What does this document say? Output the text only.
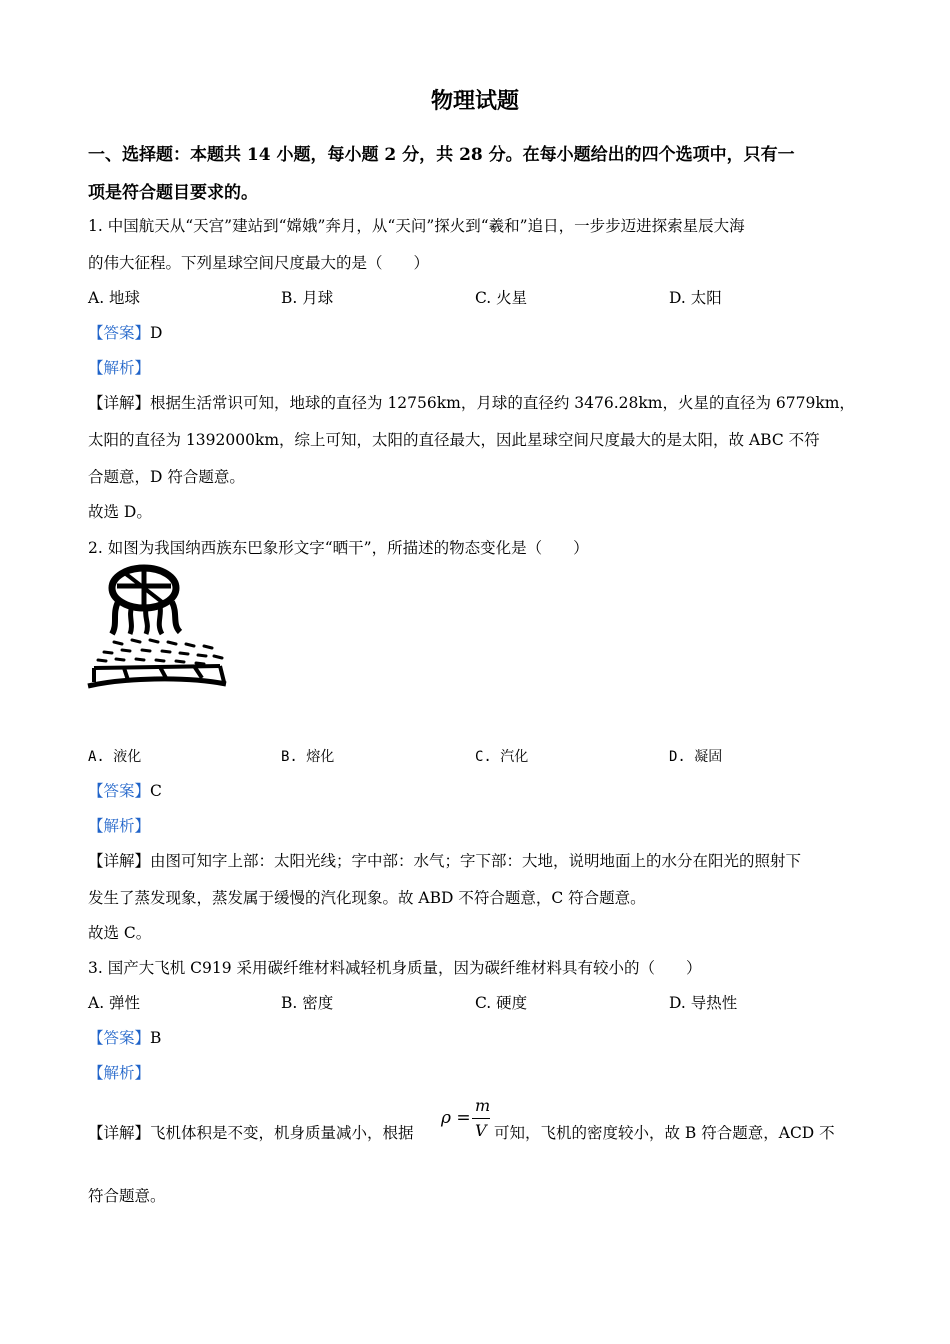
物理试题
一、选择题：本题共 14 小题，每小题 2 分，共 28 分。在每小题给出的四个选项中，只有一
项是符合题目要求的。
1. 中国航天从“天宫”建站到“嫦娥”奔月，从“天问”探火到“羲和”追日，一步步迈进探索星辰大海
的伟大征程。下列星球空间尺度最大的是（　　）
A. 地球	B. 月球	C. 火星	D. 太阳
【答案】D
【解析】
【详解】根据生活常识可知，地球的直径为 12756km，月球的直径约 3476.28km，火星的直径为 6779km，
太阳的直径为 1392000km，综上可知，太阳的直径最大，因此星球空间尺度最大的是太阳，故 ABC 不符
合题意，D 符合题意。
故选 D。
2. 如图为我国纳西族东巴象形文字“晒干”，所描述的物态变化是（　　）
A. 液化	B. 熔化	C. 汽化	D. 凝固
【答案】C
【解析】
【详解】由图可知字上部：太阳光线；字中部：水气；字下部：大地，说明地面上的水分在阳光的照射下
发生了蒸发现象，蒸发属于缓慢的汽化现象。故 ABD 不符合题意，C 符合题意。
故选 C。
3. 国产大飞机 C919 采用碳纤维材料减轻机身质量，因为碳纤维材料具有较小的（　　）
A. 弹性	B. 密度	C. 硬度	D. 导热性
【答案】B
【解析】
【详解】飞机体积是不变，机身质量减小，根据
ρ =
m
V 可知，飞机的密度较小，故 B 符合题意，ACD 不
符合题意。
